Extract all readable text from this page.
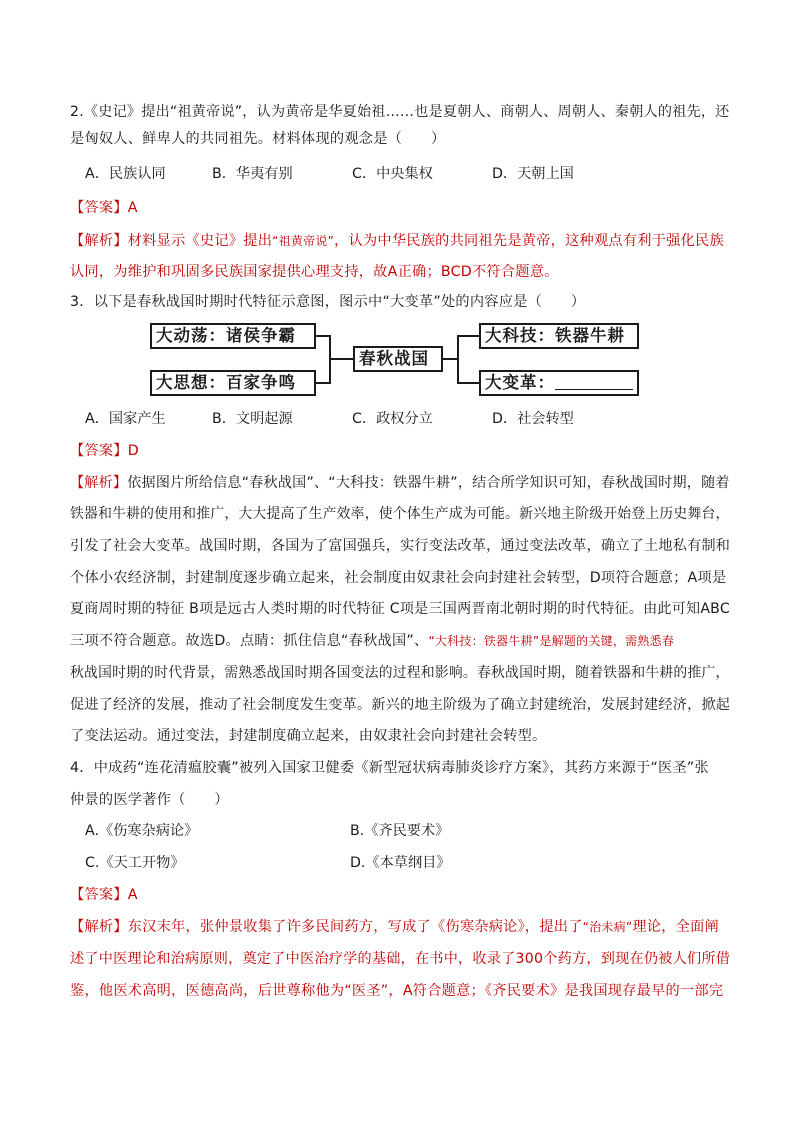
2.《史记》提出“祖黄帝说”，认为黄帝是华夏始祖……也是夏朝人、商朝人、周朝人、秦朝人的祖先，还
是匈奴人、鲜卑人的共同祖先。材料体现的观念是（　　）
A．民族认同	B．华夷有别	C．中央集权	D．天朝上国
【答案】A
【解析】材料显示《史记》提出“祖黄帝说”，认为中华民族的共同祖先是黄帝，这种观点有利于强化民族
认同，为维护和巩固多民族国家提供心理支持，故A正确；BCD不符合题意。
3．以下是春秋战国时期时代特征示意图，图示中“大变革”处的内容应是（　　）
大动荡：诸侯争霸
大思想：百家争鸣
春秋战国
大科技：铁器牛耕
大变革：
A．国家产生	B．文明起源	C．政权分立	D．社会转型
【答案】D
【解析】依据图片所给信息“春秋战国”、“大科技：铁器牛耕”，结合所学知识可知，春秋战国时期，随着
铁器和牛耕的使用和推广，大大提高了生产效率，使个体生产成为可能。新兴地主阶级开始登上历史舞台，
引发了社会大变革。战国时期，各国为了富国强兵，实行变法改革，通过变法改革，确立了土地私有制和
个体小农经济制，封建制度逐步确立起来，社会制度由奴隶社会向封建社会转型，D项符合题意；A项是
夏商周时期的特征 B项是远古人类时期的时代特征 C项是三国两晋南北朝时期的时代特征。由此可知ABC
三项不符合题意。故选D。点睛：抓住信息“春秋战国”、“大科技：铁器牛耕”是解题的关键，需熟悉春
秋战国时期的时代背景，需熟悉战国时期各国变法的过程和影响。春秋战国时期，随着铁器和牛耕的推广，
促进了经济的发展，推动了社会制度发生变革。新兴的地主阶级为了确立封建统治，发展封建经济，掀起
了变法运动。通过变法，封建制度确立起来，由奴隶社会向封建社会转型。
4．中成药“连花清瘟胶囊”被列入国家卫健委《新型冠状病毒肺炎诊疗方案》，其药方来源于“医圣”张
仲景的医学著作（　　）
A.《伤寒杂病论》	B.《齐民要术》
C.《天工开物》	D.《本草纲目》
【答案】A
【解析】东汉末年，张仲景收集了许多民间药方，写成了《伤寒杂病论》，提出了“治未病”理论，全面阐
述了中医理论和治病原则，奠定了中医治疗学的基础，在书中，收录了300个药方，到现在仍被人们所借
鉴，他医术高明，医德高尚，后世尊称他为“医圣”，A符合题意；《齐民要术》是我国现存最早的一部完
